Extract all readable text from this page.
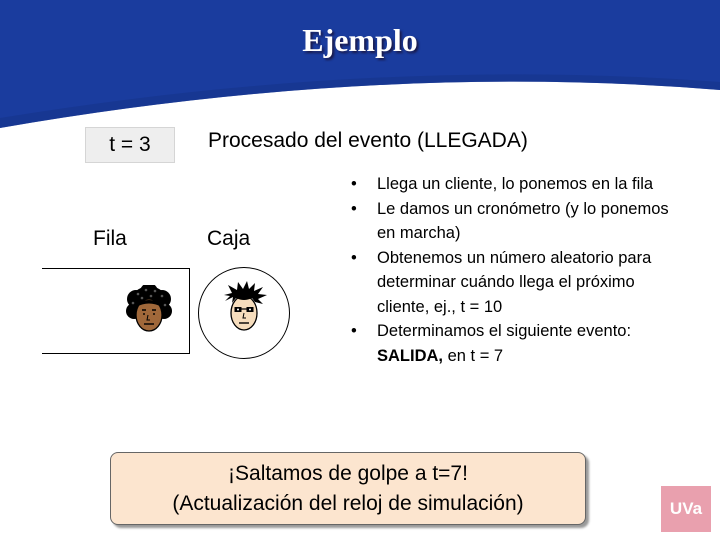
Ejemplo
t = 3	Procesado del evento (LLEGADA)
Fila	Caja
• Llega un cliente, lo ponemos en la fila
• Le damos un cronómetro (y lo ponemos en marcha)
• Obtenemos un número aleatorio para determinar cuándo llega el próximo cliente, ej., t = 10
• Determinamos el siguiente evento: SALIDA, en t = 7
¡Saltamos de golpe a t=7!
(Actualización del reloj de simulación)	UVa
